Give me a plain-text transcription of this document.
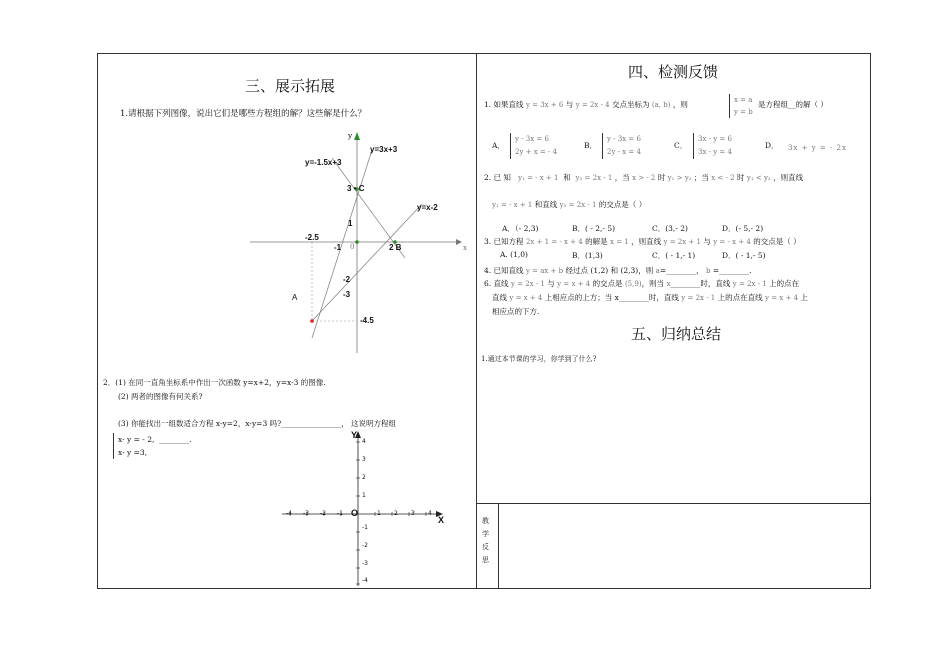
三、展示拓展
1.请根据下列图像，说出它们是哪些方程组的解？这些解是什么？
y
y=3x+3
y=-1.5x+3
y=x-2
3 • C
1
-2.5
-1 0	2 B	x
-2
-3
A
-4.5
2．(1) 在同一直角坐标系中作出一次函数 y=x+2，y=x-3 的图像.
(2) 两者的图像有何关系?
(3) 你能找出一组数适合方程 x-y=2，x-y=3 吗?________________， 这说明方程组
x- y = - 2, ________.
x- y =3,
Y
X
O
-4 -3 -2 -1	1 2 3 4
4
3
2
1
-1
-2
-3
-4
四、检测反馈
1. 如果直线 y = 3x + 6 与 y = 2x - 4 交点坐标为 (a, b) ，则	x = a
y = b
是方程组__的解（ ）
A．
y - 3x = 6
2y + x = - 4
B．
y - 3x = 6
2y - x = 4
C．
3x - y = 6
3x - y = 4
D． 3x + y = - 2x
2. 已 知 y₁ = - x + 1 和 y₂ = 2x - 1 ，当 x > - 2 时 y₁ > y₂ ；当 x < - 2 时 y₁ < y₂ ，则直线
y₁ = - x + 1 和直线 y₂ = 2x - 1 的交点是（ ）
A．（- 2,3)	B．( - 2,- 5)	C．(3,- 2)	D．(- 5,- 2)
3. 已知方程 2x + 1 = - x + 4 的解是 x = 1 ，则直线 y = 2x + 1 与 y = - x + 4 的交点是（ ）
A. (1,0)	B．(1,3)	C．( - 1,- 1)	D．( - 1,- 5)
4. 已知直线 y = ax + b 经过点 (1,2) 和 (2,3)，则 a=________， b =________.
6. 直线 y = 2x - 1 与 y = x + 4 的交点是 (5,9)，则当 x________时，直线 y = 2x - 1 上的点在
直线 y = x + 4 上相应点的上方；当 x________时，直线 y = 2x - 1 上的点在直线 y = x + 4 上
相应点的下方.
五、归纳总结
1.通过本节课的学习，你学到了什么?
教
学
反
思
